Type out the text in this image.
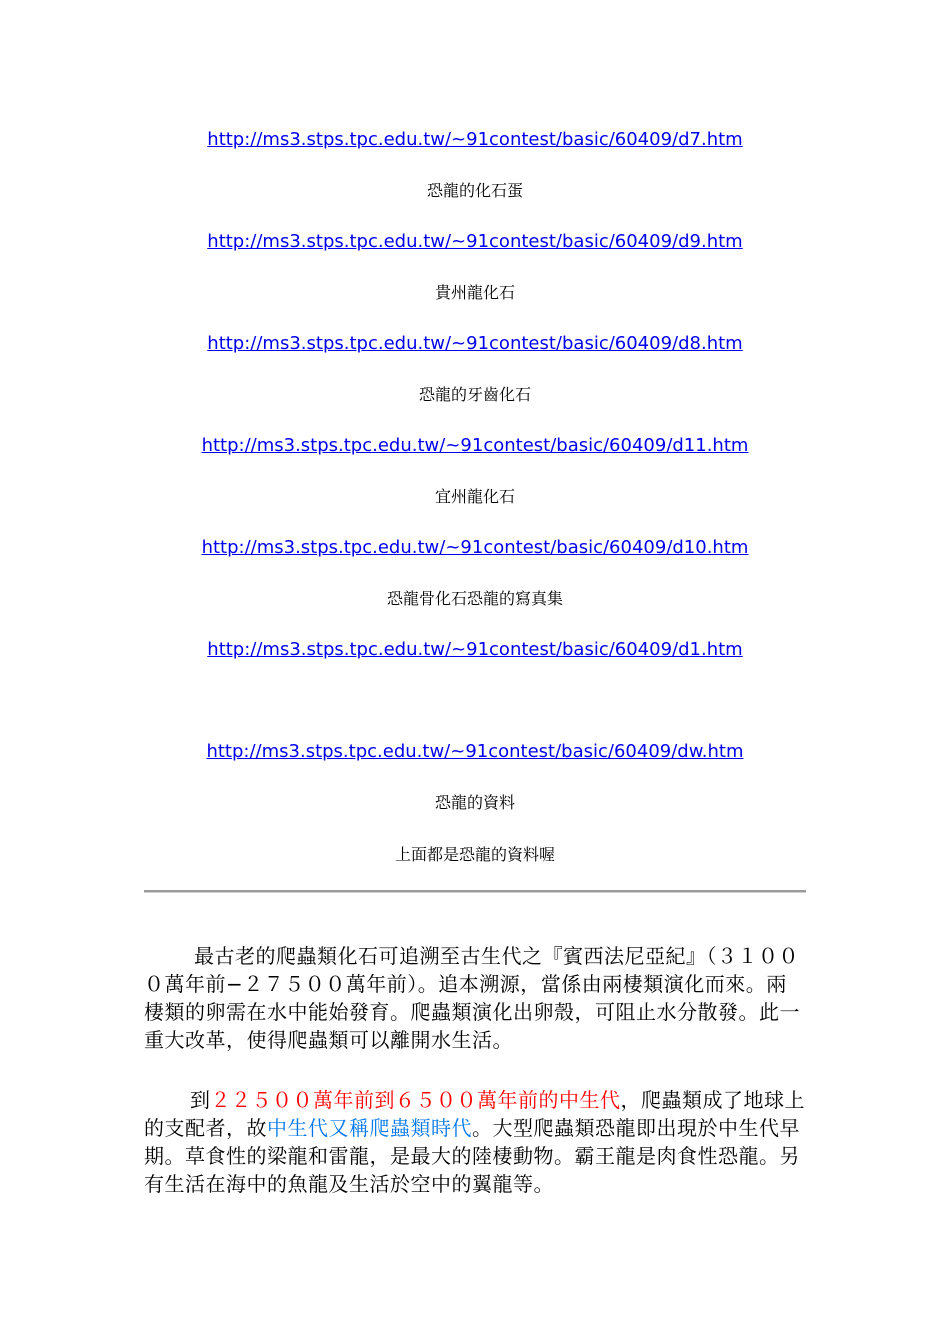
http://ms3.stps.tpc.edu.tw/~91contest/basic/60409/d7.htm
恐龍的化石蛋
http://ms3.stps.tpc.edu.tw/~91contest/basic/60409/d9.htm
貴州龍化石
http://ms3.stps.tpc.edu.tw/~91contest/basic/60409/d8.htm
恐龍的牙齒化石
http://ms3.stps.tpc.edu.tw/~91contest/basic/60409/d11.htm
宜州龍化石
http://ms3.stps.tpc.edu.tw/~91contest/basic/60409/d10.htm
恐龍骨化石恐龍的寫真集
http://ms3.stps.tpc.edu.tw/~91contest/basic/60409/d1.htm
http://ms3.stps.tpc.edu.tw/~91contest/basic/60409/dw.htm
恐龍的資料
上面都是恐龍的資料喔

最古老的爬蟲類化石可追溯至古生代之『賓西法尼亞紀』（３１０００萬年前−２７５００萬年前）。追本溯源，當係由兩棲類演化而來。兩棲類的卵需在水中能始發育。爬蟲類演化出卵殼，可阻止水分散發。此一重大改革，使得爬蟲類可以離開水生活。

到２２５００萬年前到６５００萬年前的中生代，爬蟲類成了地球上的支配者，故中生代又稱爬蟲類時代。大型爬蟲類恐龍即出現於中生代早期。草食性的梁龍和雷龍，是最大的陸棲動物。霸王龍是肉食性恐龍。另有生活在海中的魚龍及生活於空中的翼龍等。
